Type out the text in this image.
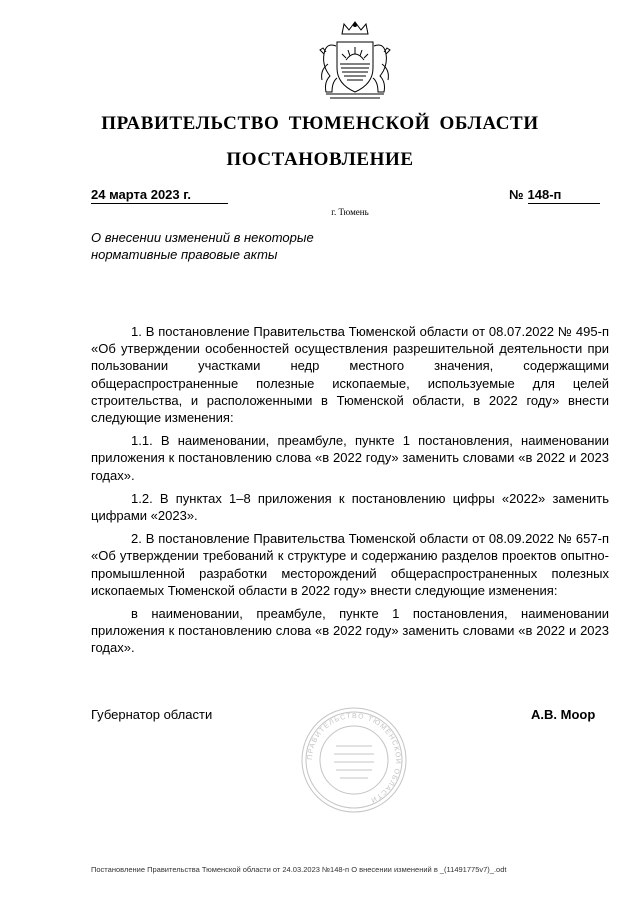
ПРАВИТЕЛЬСТВО ТЮМЕНСКОЙ ОБЛАСТИ
ПОСТАНОВЛЕНИЕ
24 марта 2023 г.	№ 148-п
г. Тюмень
О внесении изменений в некоторые нормативные правовые акты

1. В постановление Правительства Тюменской области от 08.07.2022 № 495-п «Об утверждении особенностей осуществления разрешительной деятельности при пользовании участками недр местного значения, содержащими общераспространенные полезные ископаемые, используемые для целей строительства, и расположенными в Тюменской области, в 2022 году» внести следующие изменения:

1.1. В наименовании, преамбуле, пункте 1 постановления, наименовании приложения к постановлению слова «в 2022 году» заменить словами «в 2022 и 2023 годах».

1.2. В пунктах 1–8 приложения к постановлению цифры «2022» заменить цифрами «2023».

2. В постановление Правительства Тюменской области от 08.09.2022 № 657-п «Об утверждении требований к структуре и содержанию разделов проектов опытно-промышленной разработки месторождений общераспространенных полезных ископаемых Тюменской области в 2022 году» внести следующие изменения:

в наименовании, преамбуле, пункте 1 постановления, наименовании приложения к постановлению слова «в 2022 году» заменить словами «в 2022 и 2023 годах».

Губернатор области
ПРАВИТЕЛЬСТВО ТЮМЕНСКОЙ ОБЛАСТИ
А.В. Моор
Постановление Правительства Тюменской области от 24.03.2023 №148-п О внесении изменений в _(11491775v7)_.odt
